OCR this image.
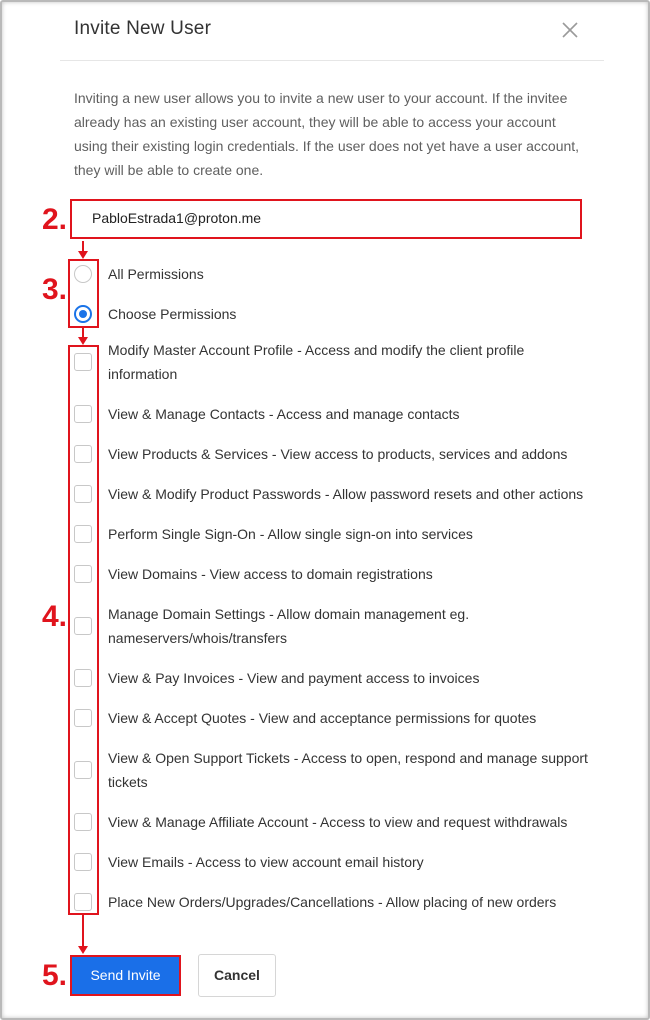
Invite New User
Inviting a new user allows you to invite a new user to your account. If the invitee already has an existing user account, they will be able to access your account using their existing login credentials. If the user does not yet have a user account, they will be able to create one.
2.
3.
4.
5.
PabloEstrada1@proton.me
All Permissions
Choose Permissions
Modify Master Account Profile - Access and modify the client profile information
View & Manage Contacts - Access and manage contacts
View Products & Services - View access to products, services and addons
View & Modify Product Passwords - Allow password resets and other actions
Perform Single Sign-On - Allow single sign-on into services
View Domains - View access to domain registrations
Manage Domain Settings - Allow domain management eg. nameservers/whois/transfers
View & Pay Invoices - View and payment access to invoices
View & Accept Quotes - View and acceptance permissions for quotes
View & Open Support Tickets - Access to open, respond and manage support tickets
View & Manage Affiliate Account - Access to view and request withdrawals
View Emails - Access to view account email history
Place New Orders/Upgrades/Cancellations - Allow placing of new orders
Send Invite	Cancel
